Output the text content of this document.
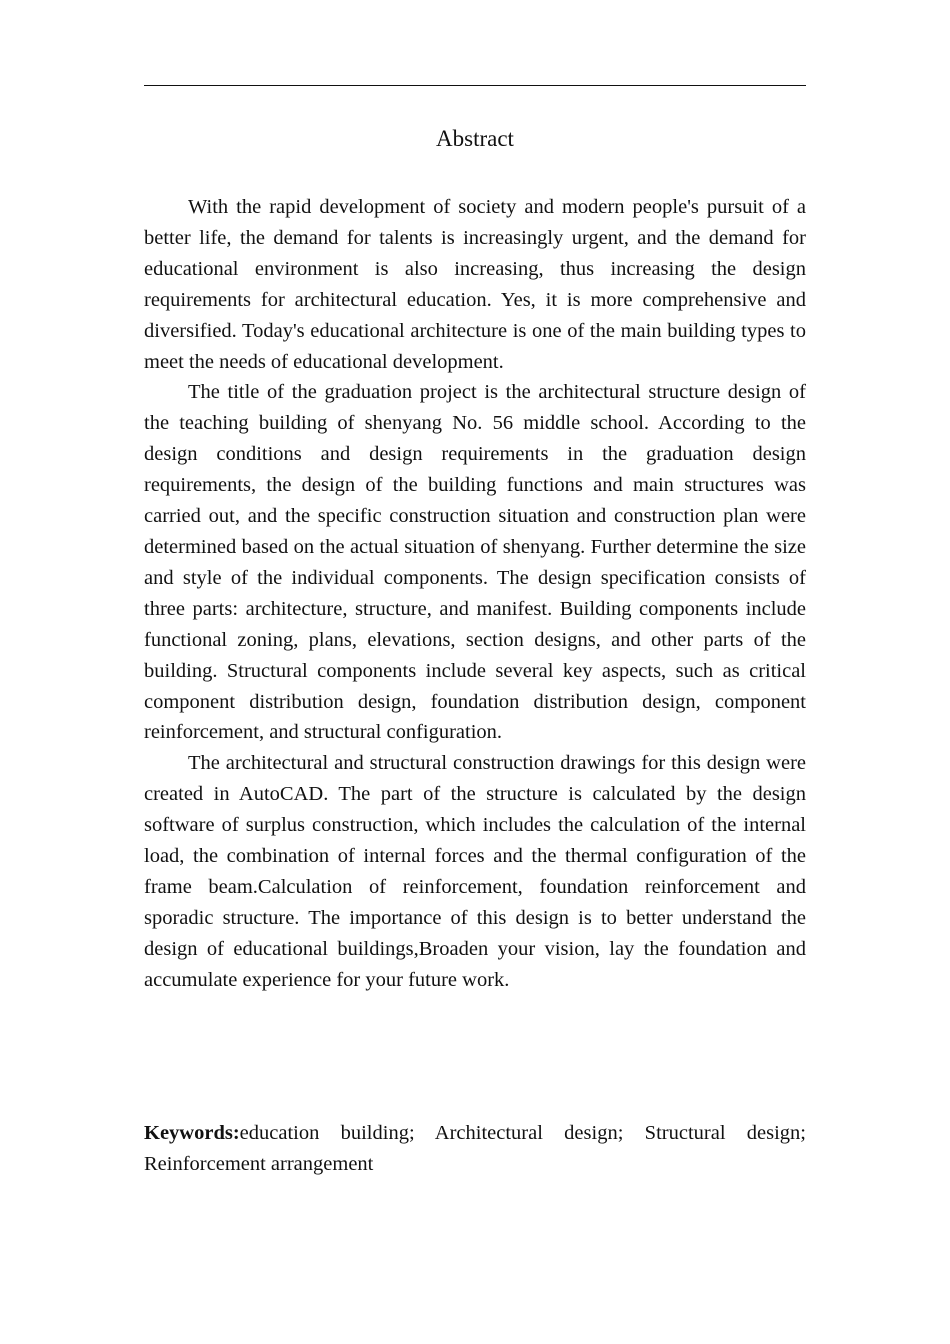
Abstract

With the rapid development of society and modern people's pursuit of a better life, the demand for talents is increasingly urgent, and the demand for educational environment is also increasing, thus increasing the design requirements for architectural education. Yes, it is more comprehensive and diversified. Today's educational architecture is one of the main building types to meet the needs of educational development.

The title of the graduation project is the architectural structure design of the teaching building of shenyang No. 56 middle school. According to the design conditions and design requirements in the graduation design requirements, the design of the building functions and main structures was carried out, and the specific construction situation and construction plan were determined based on the actual situation of shenyang. Further determine the size and style of the individual components. The design specification consists of three parts: architecture, structure, and manifest. Building components include functional zoning, plans, elevations, section designs, and other parts of the building. Structural components include several key aspects, such as critical component distribution design, foundation distribution design, component reinforcement, and structural configuration.

The architectural and structural construction drawings for this design were created in AutoCAD. The part of the structure is calculated by the design software of surplus construction, which includes the calculation of the internal load, the combination of internal forces and the thermal configuration of the frame beam.Calculation of reinforcement, foundation reinforcement and sporadic structure. The importance of this design is to better understand the design of educational buildings,Broaden your vision, lay the foundation and accumulate experience for your future work.

Keywords:education building; Architectural design; Structural design; Reinforcement arrangement
